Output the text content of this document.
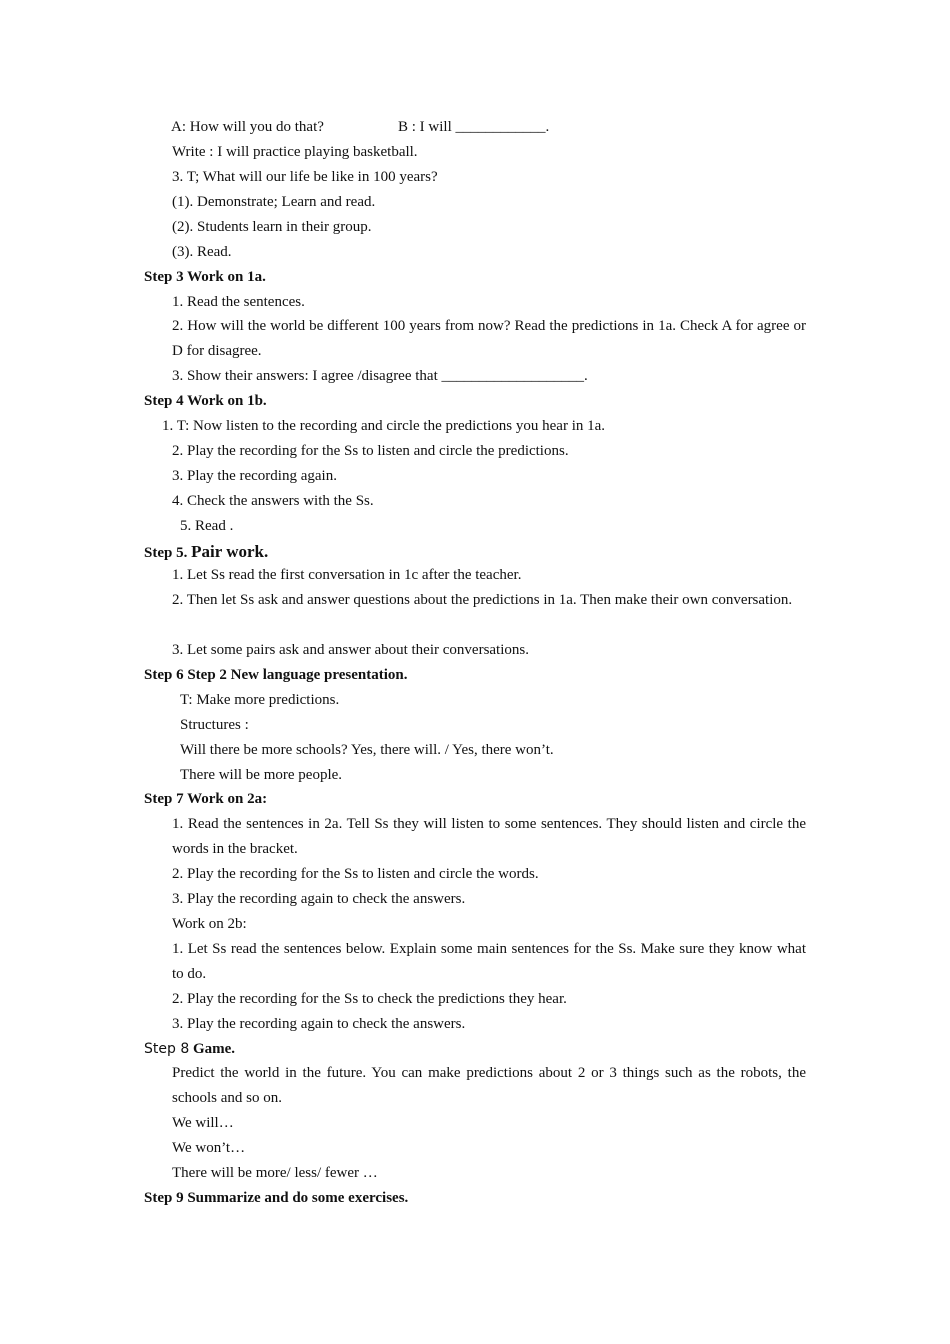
A: How will you do that?	B : I will ____________.
Write : I will practice playing basketball.
3. T; What will our life be like in 100 years?
(1). Demonstrate; Learn and read.
(2). Students learn in their group.
(3). Read.
Step 3 Work on 1a.
1. Read the sentences.
2. How will the world be different 100 years from now? Read the predictions in 1a. Check A for agree or D for disagree.
3. Show their answers: I agree /disagree that ___________________.
Step 4 Work on 1b.
1. T: Now listen to the recording and circle the predictions you hear in 1a.
2. Play the recording for the Ss to listen and circle the predictions.
3. Play the recording again.
4. Check the answers with the Ss.
5. Read .
Step 5. Pair work.
1. Let Ss read the first conversation in 1c after the teacher.
2. Then let Ss ask and answer questions about the predictions in 1a. Then make their own conversation.
3. Let some pairs ask and answer about their conversations.
Step 6 Step 2 New language presentation.
T: Make more predictions.
Structures :
Will there be more schools? Yes, there will. / Yes, there won’t.
There will be more people.
Step 7 Work on 2a:
1. Read the sentences in 2a. Tell Ss they will listen to some sentences. They should listen and circle the words in the bracket.
2. Play the recording for the Ss to listen and circle the words.
3. Play the recording again to check the answers.
Work on 2b:
1. Let Ss read the sentences below. Explain some main sentences for the Ss. Make sure they know what to do.
2. Play the recording for the Ss to check the predictions they hear.
3. Play the recording again to check the answers.
Step 8 Game.
Predict the world in the future. You can make predictions about 2 or 3 things such as the robots, the schools and so on.
We will…
We won’t…
There will be more/ less/ fewer …
Step 9 Summarize and do some exercises.
